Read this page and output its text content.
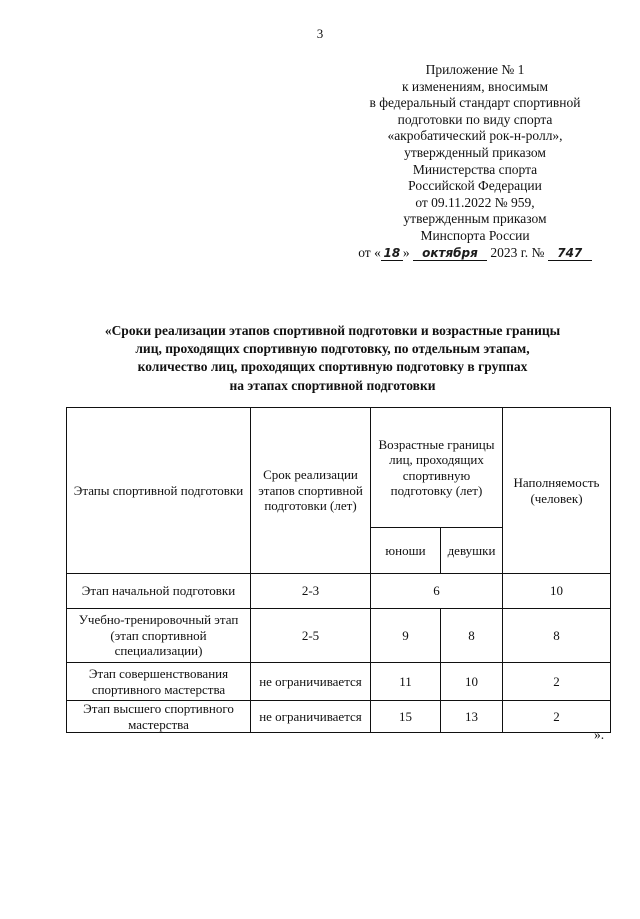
3
Приложение № 1
к изменениям, вносимым
в федеральный стандарт спортивной
подготовки по виду спорта
«акробатический рок-н-ролл»,
утвержденный приказом
Министерства спорта
Российской Федерации
от 09.11.2022 № 959,
утвержденным приказом
Минспорта России
от « 18 » октября 2023 г. № 747
«Сроки реализации этапов спортивной подготовки и возрастные границы
лиц, проходящих спортивную подготовку, по отдельным этапам,
количество лиц, проходящих спортивную подготовку в группах
на этапах спортивной подготовки
Этапы спортивной подготовки	Срок реализации этапов спортивной подготовки (лет)	Возрастные границы лиц, проходящих спортивную подготовку (лет)		Наполняемость (человек)
		юноши	девушки	
Этап начальной подготовки	2-3	6		10
Учебно-тренировочный этап (этап спортивной специализации)	2-5	9	8	8
Этап совершенствования спортивного мастерства	не ограничивается	11	10	2
Этап высшего спортивного мастерства	не ограничивается	15	13	2
».
